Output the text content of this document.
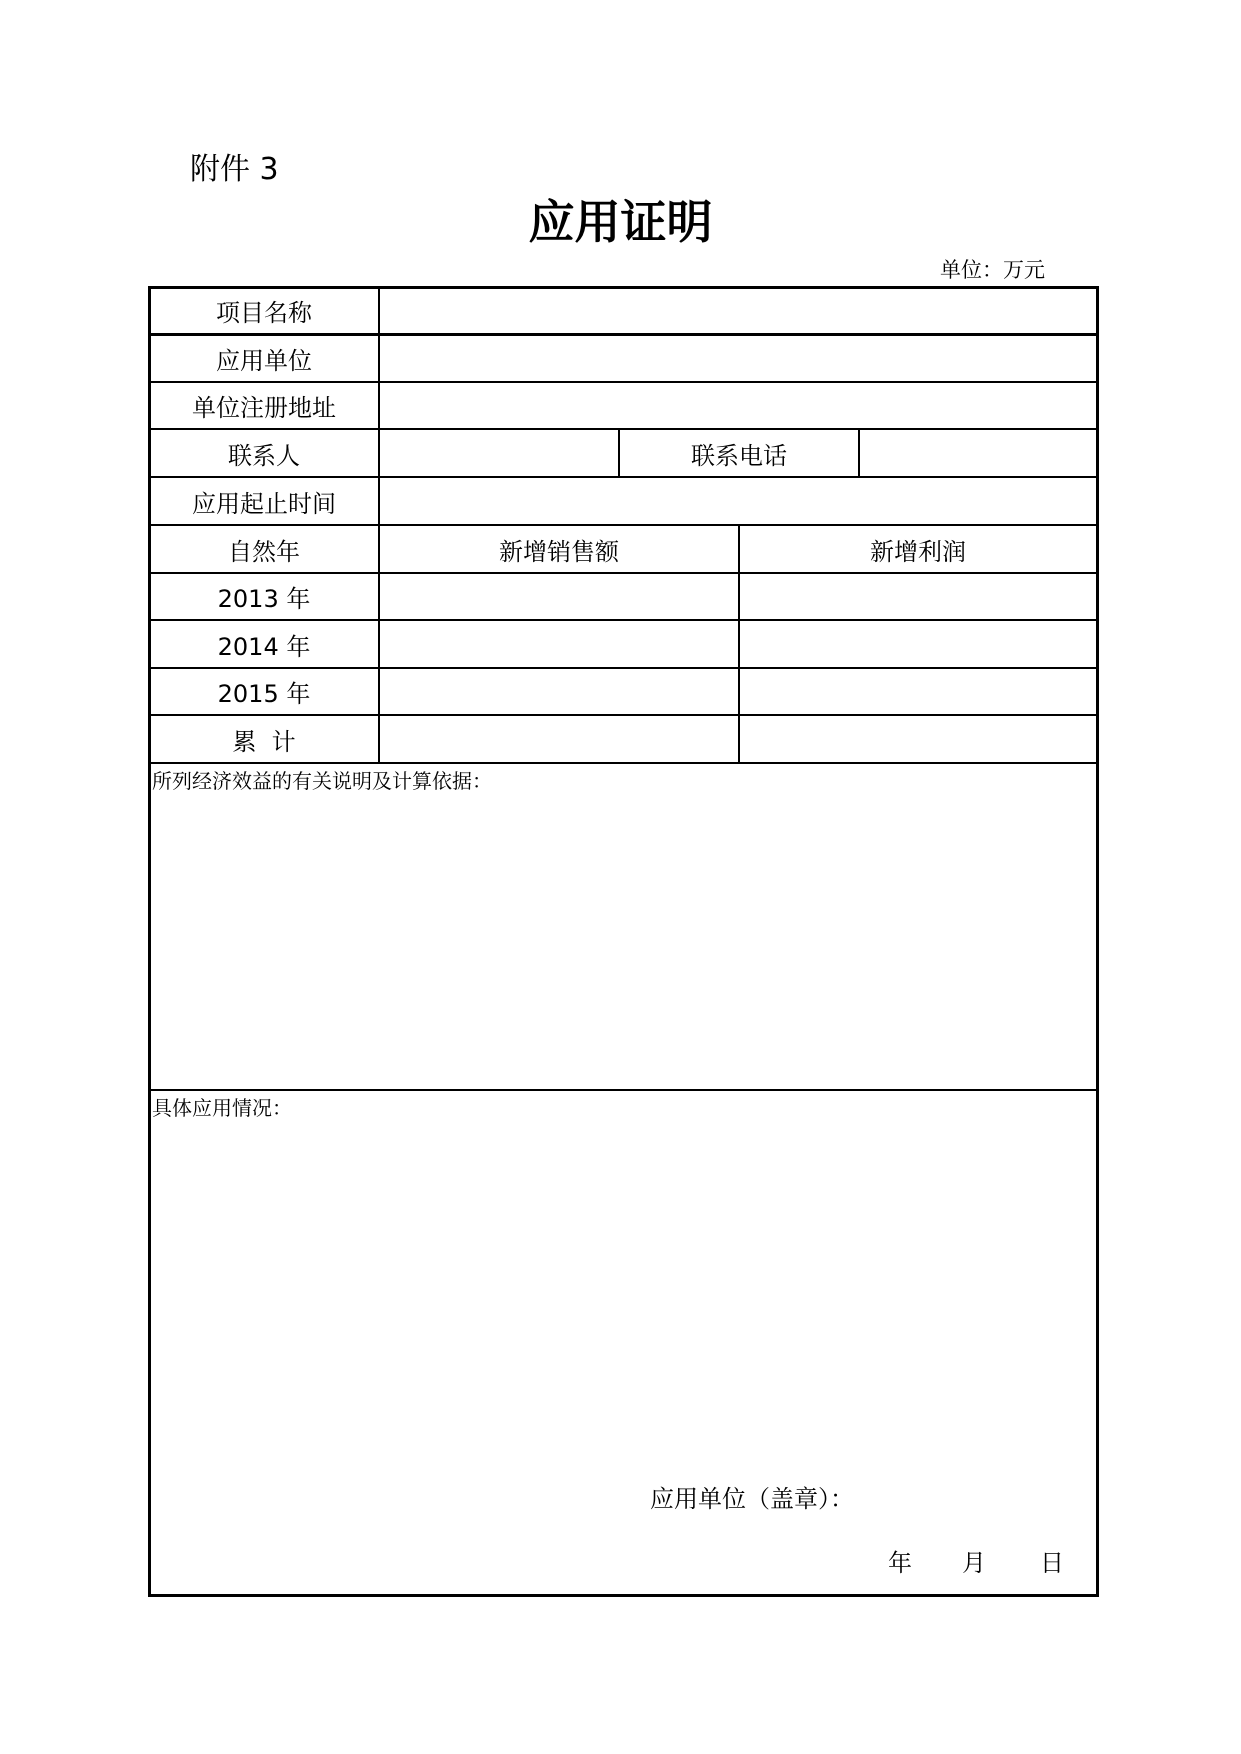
附件 3
应用证明
单位：万元
项目名称
应用单位
单位注册地址
联系人	联系电话
应用起止时间
自然年	新增销售额	新增利润
2013 年
2014 年
2015 年
累  计
所列经济效益的有关说明及计算依据：
具体应用情况：
应用单位（盖章）：
年 月 日
